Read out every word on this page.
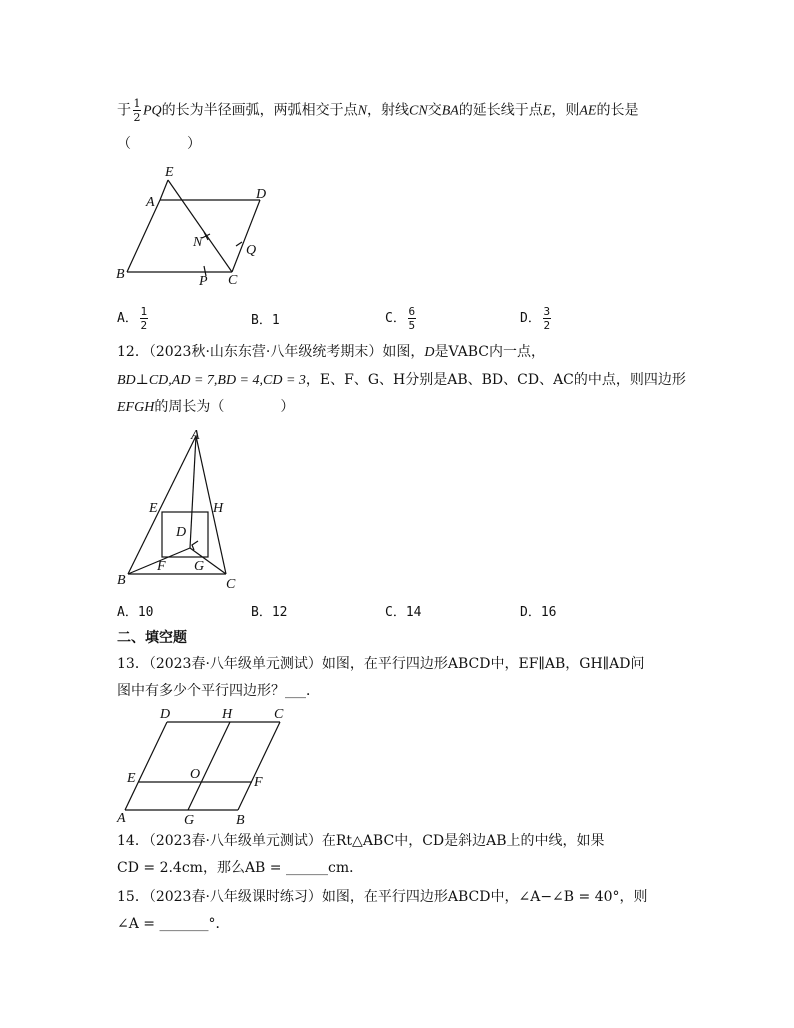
于 $\frac{1}{2}$ PQ的长为半径画弧，两弧相交于点N，射线CN交BA的延长线于点E，则AE的长是
（　　　　）
E
A
D
N
Q
B	P C
A． $\frac{1}{2}$	B．1	C． $\frac{6}{5}$	D． $\frac{3}{2}$
12．（2023秋·山东东营·八年级统考期末）如图，D是VABC内一点，
BD⊥CD,AD = 7,BD = 4,CD = 3，E、F、G、H分别是AB、BD、CD、AC的中点，则四边形
EFGH的周长为（　　　　）
A
E	H
D
B
F G
C
A．10	B．12	C．14	D．16
二、填空题
13．（2023春·八年级单元测试）如图，在平行四边形ABCD中，EF∥AB，GH∥AD问
图中有多少个平行四边形？___．
D	H	C
E	O
F
A	G	B
14．（2023春·八年级单元测试）在Rt△ABC中，CD是斜边AB上的中线，如果
CD = 2.4cm，那么AB = ______cm．
15．（2023春·八年级课时练习）如图，在平行四边形ABCD中，∠A−∠B = 40°，则
∠A = _______°．
